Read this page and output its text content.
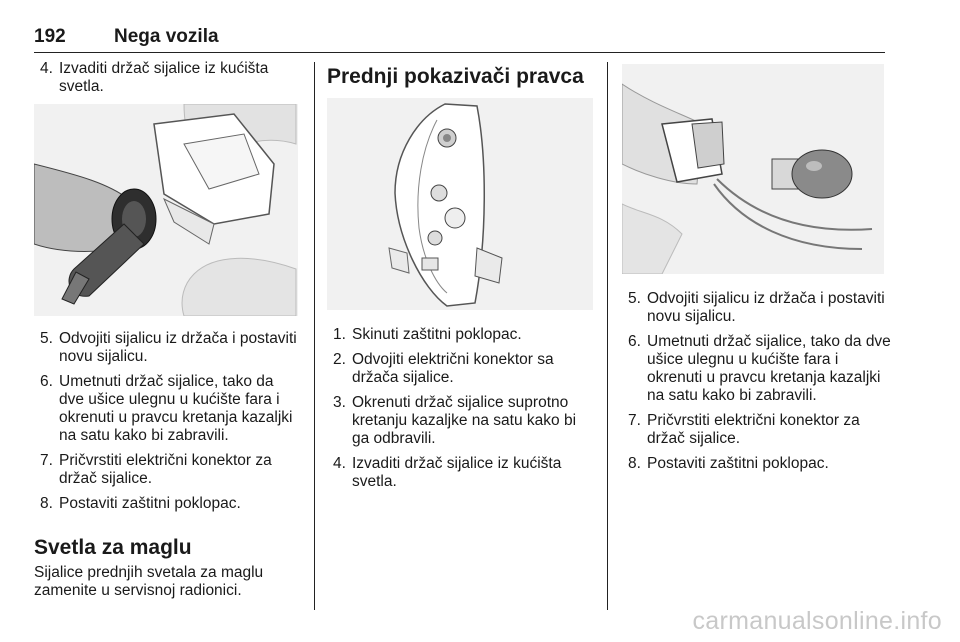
192	Nega vozila
4. Izvaditi držač sijalice iz kućišta svetla.
5. Odvojiti sijalicu iz držača i postaviti novu sijalicu.
6. Umetnuti držač sijalice, tako da dve ušice ulegnu u kućište fara i okrenuti u pravcu kretanja kazaljki na satu kako bi zabravili.
7. Pričvrstiti električni konektor za držač sijalice.
8. Postaviti zaštitni poklopac.
Svetla za maglu

Sijalice prednjih svetala za maglu zamenite u servisnoj radionici.

Prednji pokazivači pravca
1. Skinuti zaštitni poklopac.
2. Odvojiti električni konektor sa držača sijalice.
3. Okrenuti držač sijalice suprotno kretanju kazaljke na satu kako bi ga odbravili.
4. Izvaditi držač sijalice iz kućišta svetla.
5. Odvojiti sijalicu iz držača i postaviti novu sijalicu.
6. Umetnuti držač sijalice, tako da dve ušice ulegnu u kućište fara i okrenuti u pravcu kretanja kazaljki na satu kako bi zabravili.
7. Pričvrstiti električni konektor za držač sijalice.
8. Postaviti zaštitni poklopac.
carmanualsonline.info
